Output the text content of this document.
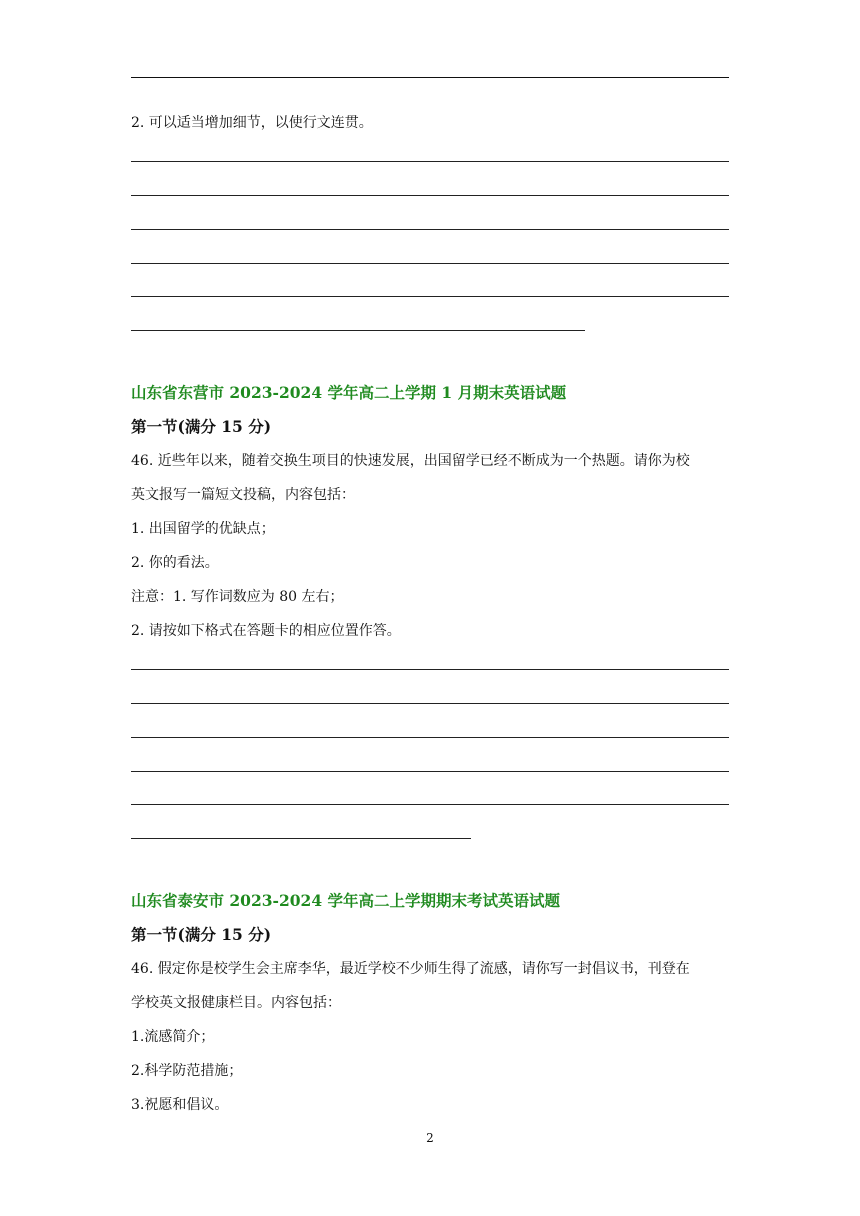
2. 可以适当增加细节，以使行文连贯。
山东省东营市 2023-2024 学年高二上学期 1 月期末英语试题
第一节(满分 15 分)
46. 近些年以来，随着交换生项目的快速发展，出国留学已经不断成为一个热题。请你为校
英文报写一篇短文投稿，内容包括：
1. 出国留学的优缺点；
2. 你的看法。
注意：1. 写作词数应为 80 左右；
2. 请按如下格式在答题卡的相应位置作答。
山东省泰安市 2023-2024 学年高二上学期期末考试英语试题
第一节(满分 15 分)
46. 假定你是校学生会主席李华，最近学校不少师生得了流感，请你写一封倡议书，刊登在
学校英文报健康栏目。内容包括：
1.流感简介；
2.科学防范措施；
3.祝愿和倡议。
2
